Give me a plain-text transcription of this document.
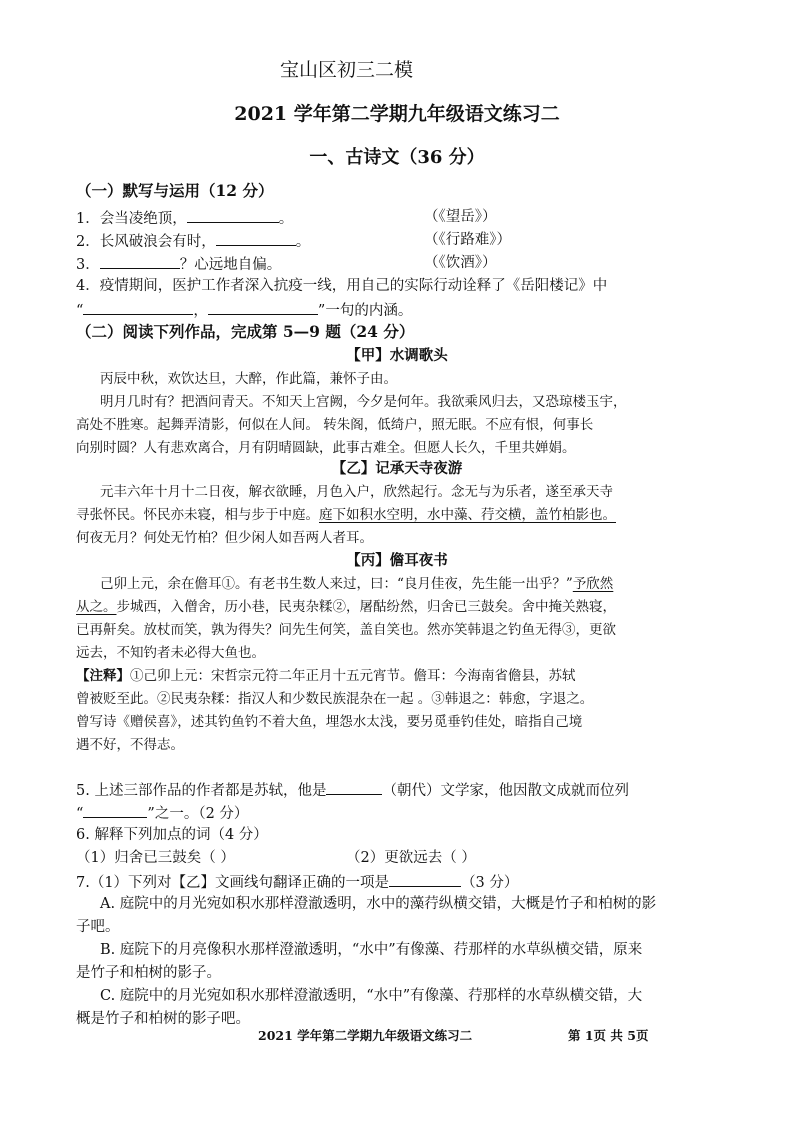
宝山区初三二模
2021 学年第二学期九年级语文练习二
一、古诗文（36 分）
（一）默写与运用（12 分）
1．会当凌绝顶，	。	（《望岳》）
2．长风破浪会有时，	。	（《行路难》）
3．	？心远地自偏。	（《饮酒》）
4．疫情期间，医护工作者深入抗疫一线，用自己的实际行动诠释了《岳阳楼记》中
“	，	”一句的内涵。
（二）阅读下列作品，完成第 5—9 题（24 分）
【甲】水调歌头
丙辰中秋，欢饮达旦，大醉，作此篇，兼怀子由。
明月几时有？把酒问青天。不知天上宫阙，今夕是何年。我欲乘风归去，又恐琼楼玉宇，
高处不胜寒。起舞弄清影，何似在人间。 转朱阁，低绮户，照无眠。不应有恨，何事长
向别时圆？人有悲欢离合，月有阴晴圆缺，此事古难全。但愿人长久，千里共婵娟。
【乙】记承天寺夜游
元丰六年十月十二日夜，解衣欲睡，月色入户，欣然起行。念无与为乐者，遂至承天寺
寻张怀民。怀民亦未寝，相与步于中庭。庭下如积水空明，水中藻、荇交横，盖竹柏影也。
何夜无月？何处无竹柏？但少闲人如吾两人者耳。
【丙】儋耳夜书
己卯上元，余在儋耳①。有老书生数人来过，曰：“良月佳夜，先生能一出乎？”予欣然
从之。步城西，入僧舍，历小巷，民夷杂糅②，屠酤纷然，归舍已三鼓矣。舍中掩关熟寝，
已再鼾矣。放杖而笑，孰为得失？问先生何笑，盖自笑也。然亦笑韩退之钓鱼无得③，更欲
远去，不知钓者未必得大鱼也。
【注释】①己卯上元：宋哲宗元符二年正月十五元宵节。儋耳：今海南省儋县，苏轼
曾被贬至此。②民夷杂糅：指汉人和少数民族混杂在一起 。③韩退之：韩愈，字退之。
曾写诗《赠侯喜》，述其钓鱼钓不着大鱼，埋怨水太浅，要另觅垂钓佳处，暗指自己境
遇不好，不得志。
5. 上述三部作品的作者都是苏轼，他是	（朝代）文学家，他因散文成就而位列
“	”之一。（2 分）
6. 解释下列加点的词（4 分）
（1）归舍已三鼓矣（ ）	（2）更欲远去（ ）
7.（1）下列对【乙】文画线句翻译正确的一项是	（3 分）
A. 庭院中的月光宛如积水那样澄澈透明，水中的藻荇纵横交错，大概是竹子和柏树的影
子吧。
B. 庭院下的月亮像积水那样澄澈透明，“水中”有像藻、荇那样的水草纵横交错，原来
是竹子和柏树的影子。
C. 庭院中的月光宛如积水那样澄澈透明，“水中”有像藻、荇那样的水草纵横交错，大
概是竹子和柏树的影子吧。
2021 学年第二学期九年级语文练习二	第 1页 共 5页
